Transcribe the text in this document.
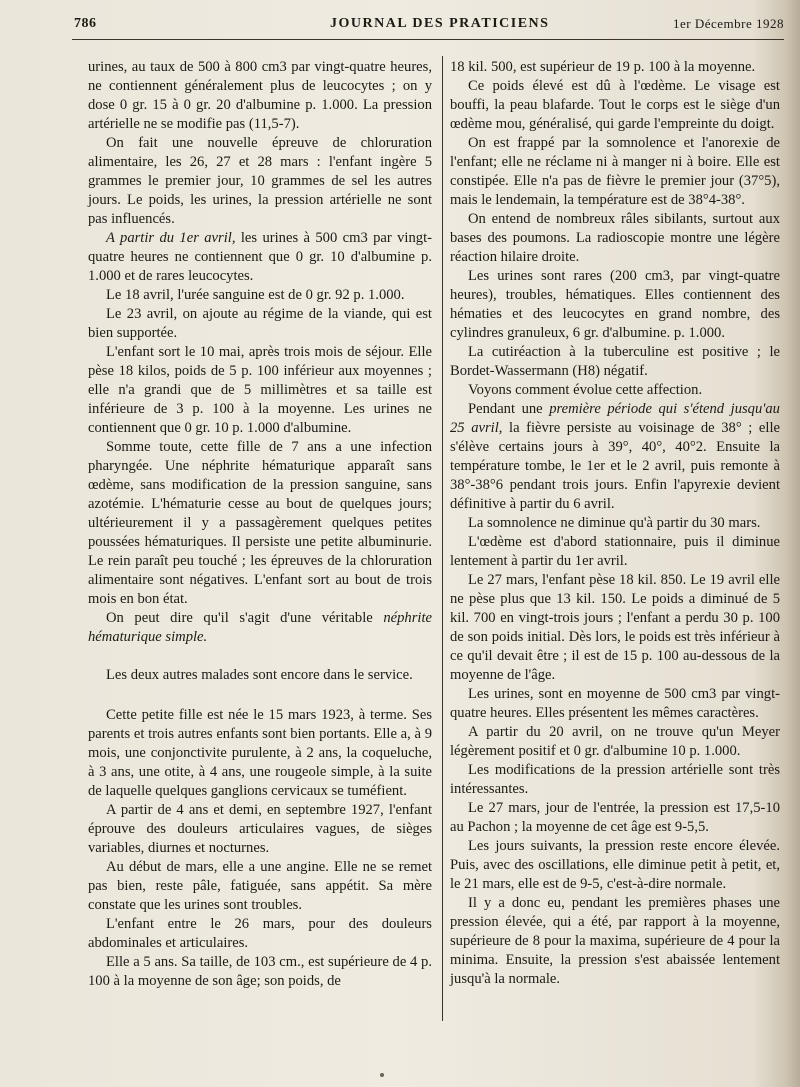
786	JOURNAL DES PRATICIENS	1er Décembre 1928

urines, au taux de 500 à 800 cm3 par vingt-quatre heures, ne contiennent généralement plus de leucocytes ; on y dose 0 gr. 15 à 0 gr. 20 d'albumine p. 1.000. La pression artérielle ne se modifie pas (11,5-7).

On fait une nouvelle épreuve de chloruration alimentaire, les 26, 27 et 28 mars : l'enfant ingère 5 grammes le premier jour, 10 grammes de sel les autres jours. Le poids, les urines, la pression artérielle ne sont pas influencés.

A partir du 1er avril, les urines à 500 cm3 par vingt-quatre heures ne contiennent que 0 gr. 10 d'albumine p. 1.000 et de rares leucocytes.

Le 18 avril, l'urée sanguine est de 0 gr. 92 p. 1.000.

Le 23 avril, on ajoute au régime de la viande, qui est bien supportée.

L'enfant sort le 10 mai, après trois mois de séjour. Elle pèse 18 kilos, poids de 5 p. 100 inférieur aux moyennes ; elle n'a grandi que de 5 millimètres et sa taille est inférieure de 3 p. 100 à la moyenne. Les urines ne contiennent que 0 gr. 10 p. 1.000 d'albumine.

Somme toute, cette fille de 7 ans a une infection pharyngée. Une néphrite hématurique apparaît sans œdème, sans modification de la pression sanguine, sans azotémie. L'hématurie cesse au bout de quelques jours; ultérieurement il y a passagèrement quelques petites poussées hématuriques. Il persiste une petite albuminurie. Le rein paraît peu touché ; les épreuves de la chloruration alimentaire sont négatives. L'enfant sort au bout de trois mois en bon état.

On peut dire qu'il s'agit d'une véritable néphrite hématurique simple.

Les deux autres malades sont encore dans le service.

Cette petite fille est née le 15 mars 1923, à terme. Ses parents et trois autres enfants sont bien portants. Elle a, à 9 mois, une conjonctivite purulente, à 2 ans, la coqueluche, à 3 ans, une otite, à 4 ans, une rougeole simple, à la suite de laquelle quelques ganglions cervicaux se tuméfient.

A partir de 4 ans et demi, en septembre 1927, l'enfant éprouve des douleurs articulaires vagues, de sièges variables, diurnes et nocturnes.

Au début de mars, elle a une angine. Elle ne se remet pas bien, reste pâle, fatiguée, sans appétit. Sa mère constate que les urines sont troubles.

L'enfant entre le 26 mars, pour des douleurs abdominales et articulaires.

Elle a 5 ans. Sa taille, de 103 cm., est supérieure de 4 p. 100 à la moyenne de son âge; son poids, de

18 kil. 500, est supérieur de 19 p. 100 à la moyenne.

Ce poids élevé est dû à l'œdème. Le visage est bouffi, la peau blafarde. Tout le corps est le siège d'un œdème mou, généralisé, qui garde l'empreinte du doigt.

On est frappé par la somnolence et l'anorexie de l'enfant; elle ne réclame ni à manger ni à boire. Elle est constipée. Elle n'a pas de fièvre le premier jour (37°5), mais le lendemain, la température est de 38°4-38°.

On entend de nombreux râles sibilants, surtout aux bases des poumons. La radioscopie montre une légère réaction hilaire droite.

Les urines sont rares (200 cm3, par vingt-quatre heures), troubles, hématiques. Elles contiennent des hématies et des leucocytes en grand nombre, des cylindres granuleux, 6 gr. d'albumine. p. 1.000.

La cutiréaction à la tuberculine est positive ; le Bordet-Wassermann (H8) négatif.

Voyons comment évolue cette affection.

Pendant une première période qui s'étend jusqu'au 25 avril, la fièvre persiste au voisinage de 38° ; elle s'élève certains jours à 39°, 40°, 40°2. Ensuite la température tombe, le 1er et le 2 avril, puis remonte à 38°-38°6 pendant trois jours. Enfin l'apyrexie devient définitive à partir du 6 avril.

La somnolence ne diminue qu'à partir du 30 mars.

L'œdème est d'abord stationnaire, puis il diminue lentement à partir du 1er avril.

Le 27 mars, l'enfant pèse 18 kil. 850. Le 19 avril elle ne pèse plus que 13 kil. 150. Le poids a diminué de 5 kil. 700 en vingt-trois jours ; l'enfant a perdu 30 p. 100 de son poids initial. Dès lors, le poids est très inférieur à ce qu'il devait être ; il est de 15 p. 100 au-dessous de la moyenne de l'âge.

Les urines, sont en moyenne de 500 cm3 par vingt-quatre heures. Elles présentent les mêmes caractères.

A partir du 20 avril, on ne trouve qu'un Meyer légèrement positif et 0 gr. d'albumine 10 p. 1.000.

Les modifications de la pression artérielle sont très intéressantes.

Le 27 mars, jour de l'entrée, la pression est 17,5-10 au Pachon ; la moyenne de cet âge est 9-5,5.

Les jours suivants, la pression reste encore élevée. Puis, avec des oscillations, elle diminue petit à petit, et, le 21 mars, elle est de 9-5, c'est-à-dire normale.

Il y a donc eu, pendant les premières phases une pression élevée, qui a été, par rapport à la moyenne, supérieure de 8 pour la maxima, supérieure de 4 pour la minima. Ensuite, la pression s'est abaissée lentement jusqu'à la normale.
